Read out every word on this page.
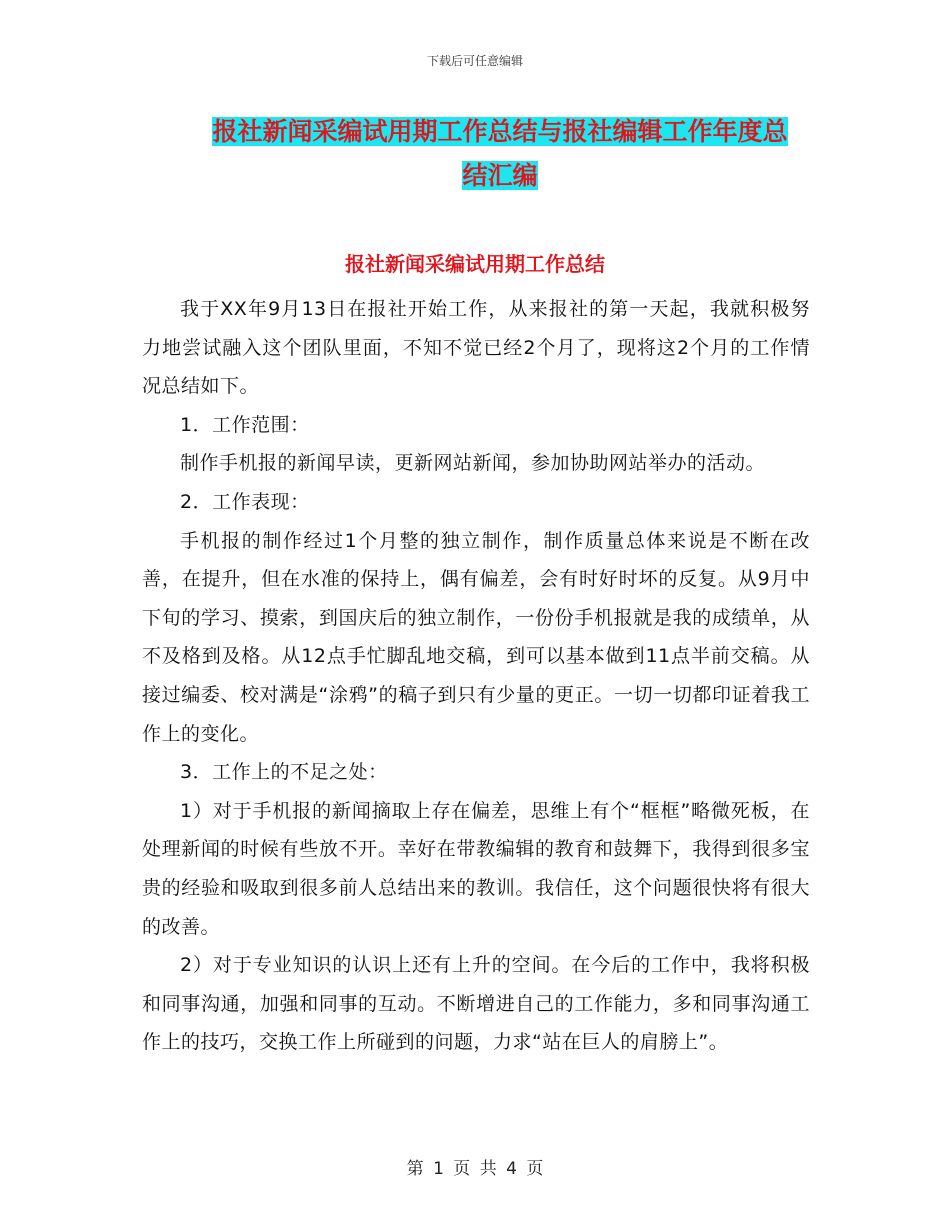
下载后可任意编辑
报社新闻采编试用期工作总结与报社编辑工作年度总
结汇编
报社新闻采编试用期工作总结

我于XX年9月13日在报社开始工作，从来报社的第一天起，我就积极努力地尝试融入这个团队里面，不知不觉已经2个月了，现将这2个月的工作情况总结如下。

1．工作范围：

制作手机报的新闻早读，更新网站新闻，参加协助网站举办的活动。

2．工作表现：

手机报的制作经过1个月整的独立制作，制作质量总体来说是不断在改善，在提升，但在水准的保持上，偶有偏差，会有时好时坏的反复。从9月中下旬的学习、摸索，到国庆后的独立制作，一份份手机报就是我的成绩单，从不及格到及格。从12点手忙脚乱地交稿，到可以基本做到11点半前交稿。从接过编委、校对满是“涂鸦”的稿子到只有少量的更正。一切一切都印证着我工作上的变化。

3．工作上的不足之处：

1）对于手机报的新闻摘取上存在偏差，思维上有个“框框”略微死板，在处理新闻的时候有些放不开。幸好在带教编辑的教育和鼓舞下，我得到很多宝贵的经验和吸取到很多前人总结出来的教训。我信任，这个问题很快将有很大的改善。

2）对于专业知识的认识上还有上升的空间。在今后的工作中，我将积极和同事沟通，加强和同事的互动。不断增进自己的工作能力，多和同事沟通工作上的技巧，交换工作上所碰到的问题，力求“站在巨人的肩膀上”。

第 1 页 共 4 页
